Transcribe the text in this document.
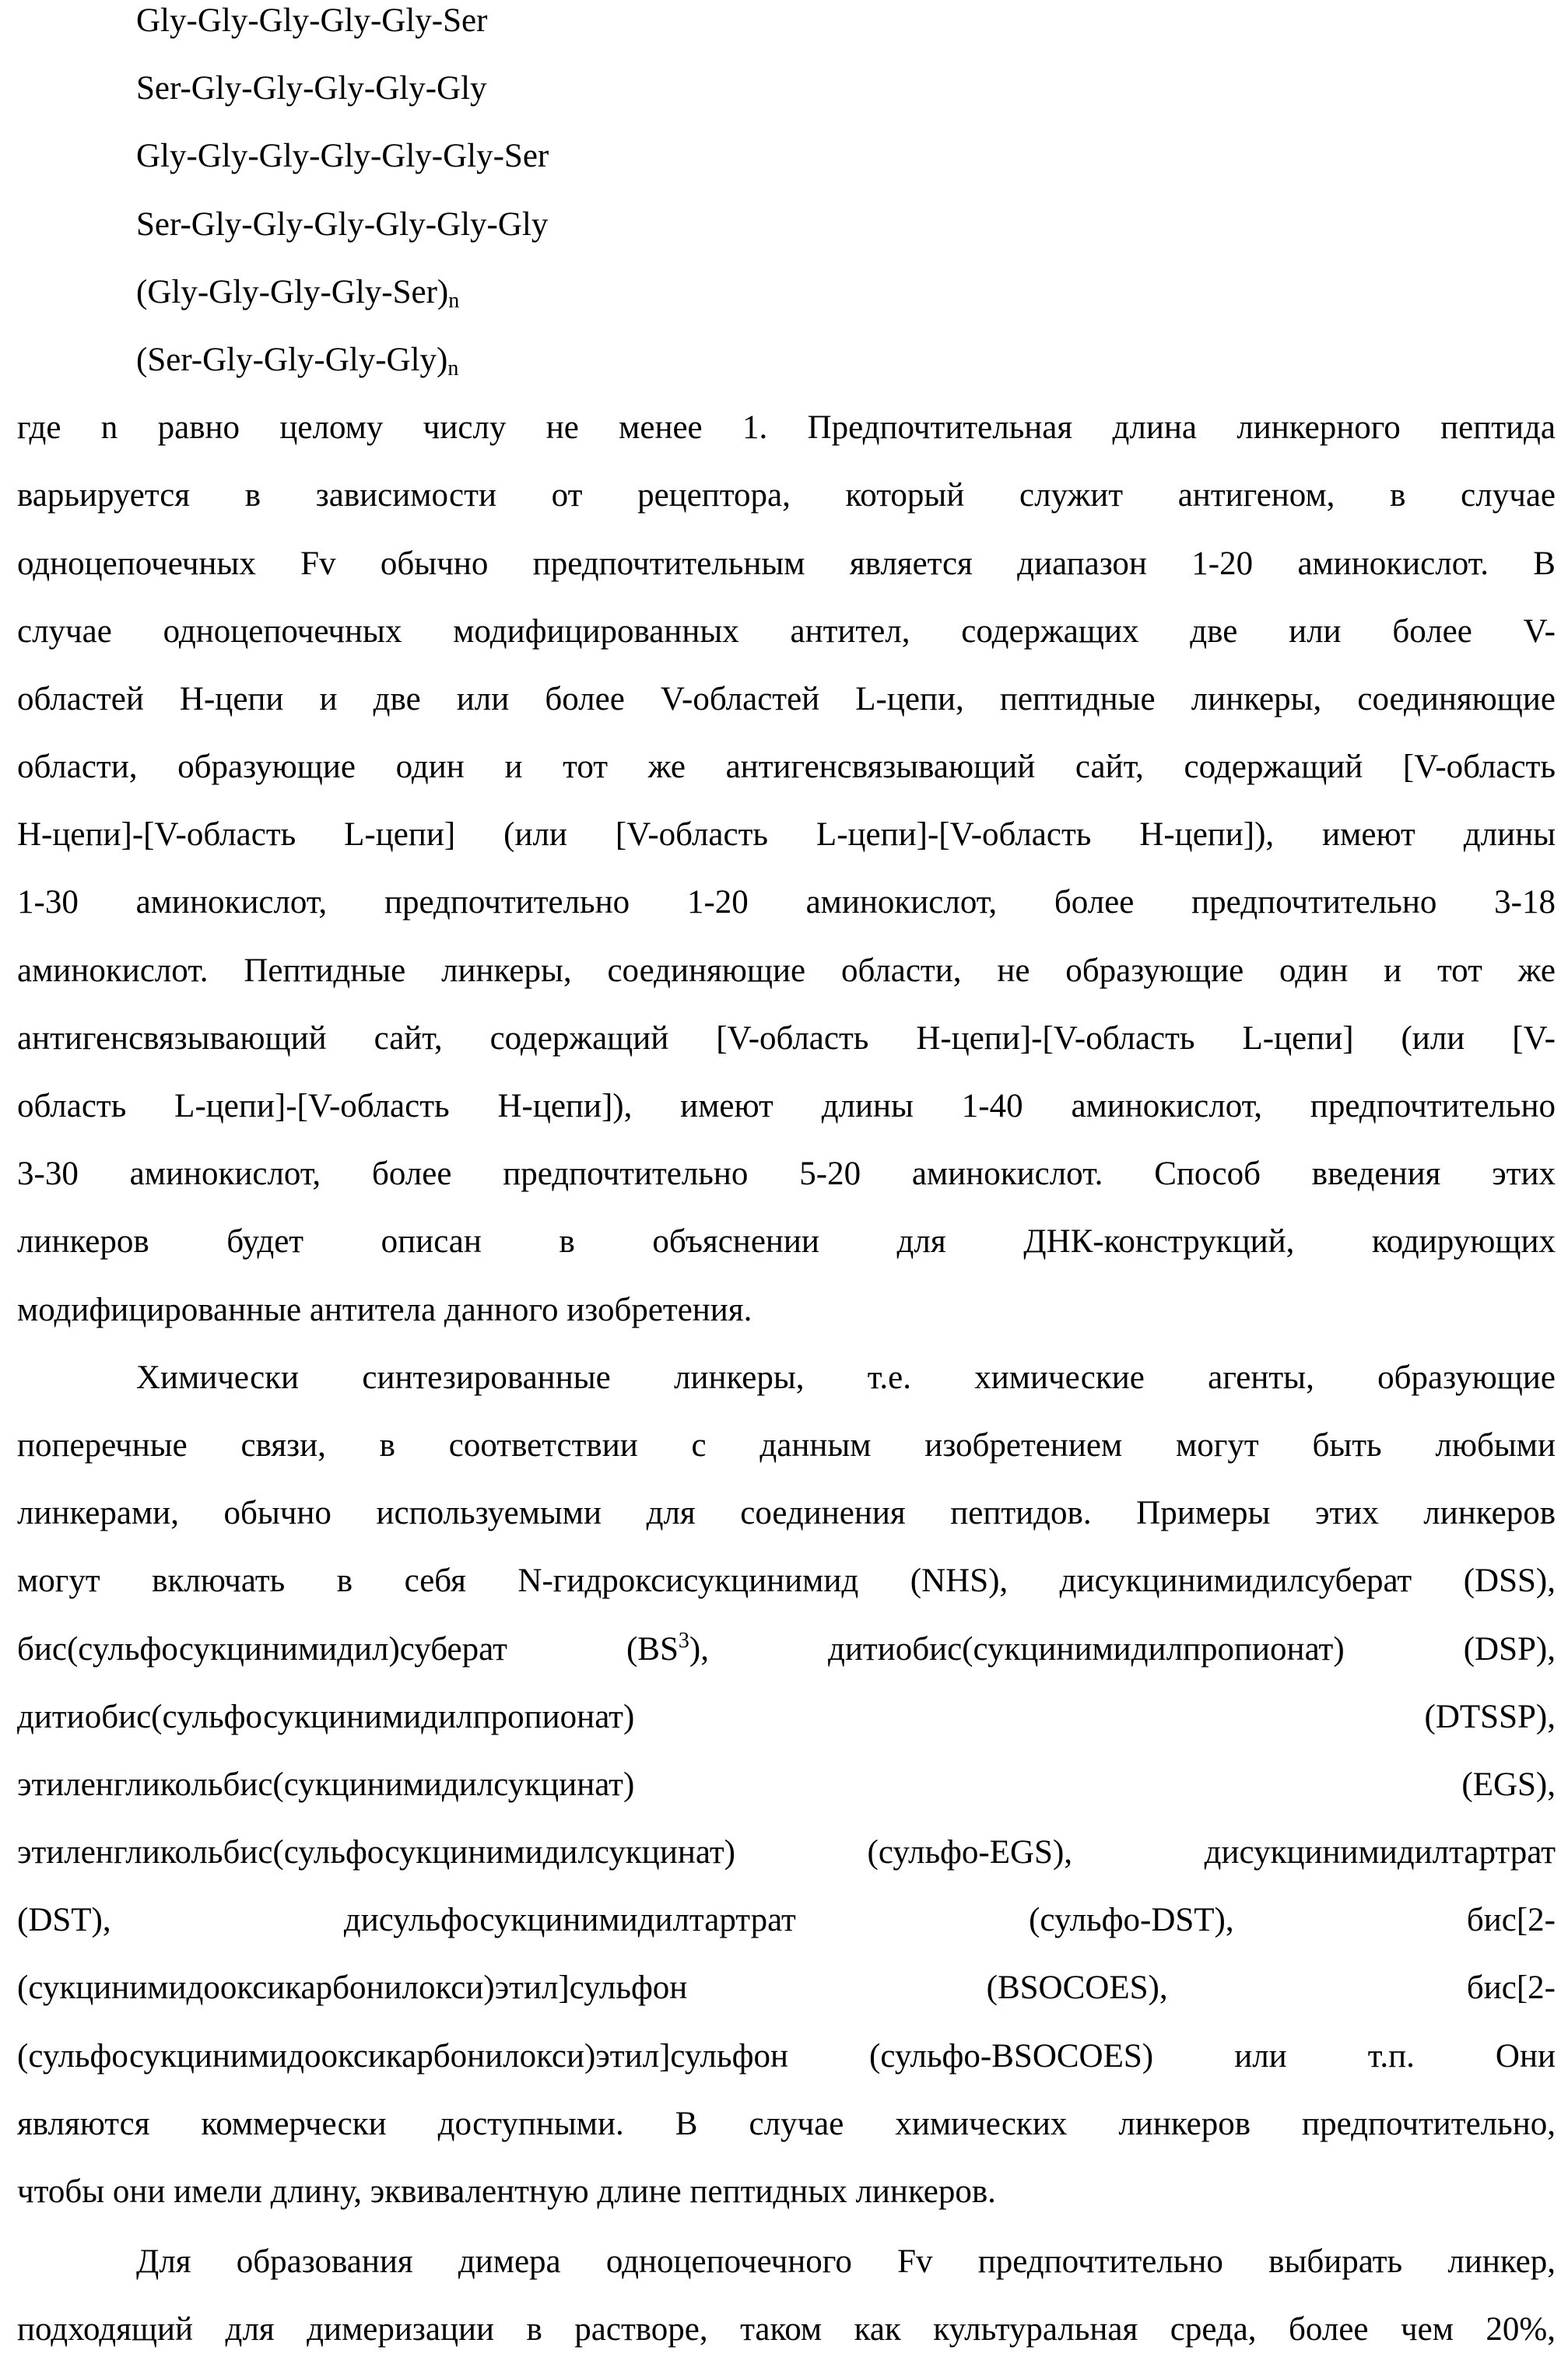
Gly-Gly-Gly-Gly-Gly-Ser
Ser-Gly-Gly-Gly-Gly-Gly
Gly-Gly-Gly-Gly-Gly-Gly-Ser
Ser-Gly-Gly-Gly-Gly-Gly-Gly
(Gly-Gly-Gly-Gly-Ser)n
(Ser-Gly-Gly-Gly-Gly)n
где n равно целому числу не менее 1. Предпочтительная длина линкерного пептида
варьируется в зависимости от рецептора, который служит антигеном, в случае
одноцепочечных Fv обычно предпочтительным является диапазон 1-20 аминокислот. В
случае одноцепочечных модифицированных антител, содержащих две или более V-
областей H-цепи и две или более V-областей L-цепи, пептидные линкеры, соединяющие
области, образующие один и тот же антигенсвязывающий сайт, содержащий [V-область
H-цепи]-[V-область L-цепи] (или [V-область L-цепи]-[V-область H-цепи]), имеют длины
1-30 аминокислот, предпочтительно 1-20 аминокислот, более предпочтительно 3-18
аминокислот. Пептидные линкеры, соединяющие области, не образующие один и тот же
антигенсвязывающий сайт, содержащий [V-область H-цепи]-[V-область L-цепи] (или [V-
область L-цепи]-[V-область H-цепи]), имеют длины 1-40 аминокислот, предпочтительно
3-30 аминокислот, более предпочтительно 5-20 аминокислот. Способ введения этих
линкеров будет описан в объяснении для ДНК-конструкций, кодирующих
модифицированные антитела данного изобретения.
Химически синтезированные линкеры, т.е. химические агенты, образующие
поперечные связи, в соответствии с данным изобретением могут быть любыми
линкерами, обычно используемыми для соединения пептидов. Примеры этих линкеров
могут включать в себя N-гидроксисукцинимид (NHS), дисукцинимидилсуберат (DSS),
бис(сульфосукцинимидил)суберат (BS3), дитиобис(сукцинимидилпропионат) (DSP),
дитиобис(сульфосукцинимидилпропионат) (DTSSP),
этиленгликольбис(сукцинимидилсукцинат) (EGS),
этиленгликольбис(сульфосукцинимидилсукцинат) (сульфо-EGS), дисукцинимидилтартрат
(DST), дисульфосукцинимидилтартрат (сульфо-DST), бис[2-
(сукцинимидооксикарбонилокси)этил]сульфон (BSOCOES), бис[2-
(сульфосукцинимидооксикарбонилокси)этил]сульфон (сульфо-BSOCOES) или т.п. Они
являются коммерчески доступными. В случае химических линкеров предпочтительно,
чтобы они имели длину, эквивалентную длине пептидных линкеров.
Для образования димера одноцепочечного Fv предпочтительно выбирать линкер,
подходящий для димеризации в растворе, таком как культуральная среда, более чем 20%,
